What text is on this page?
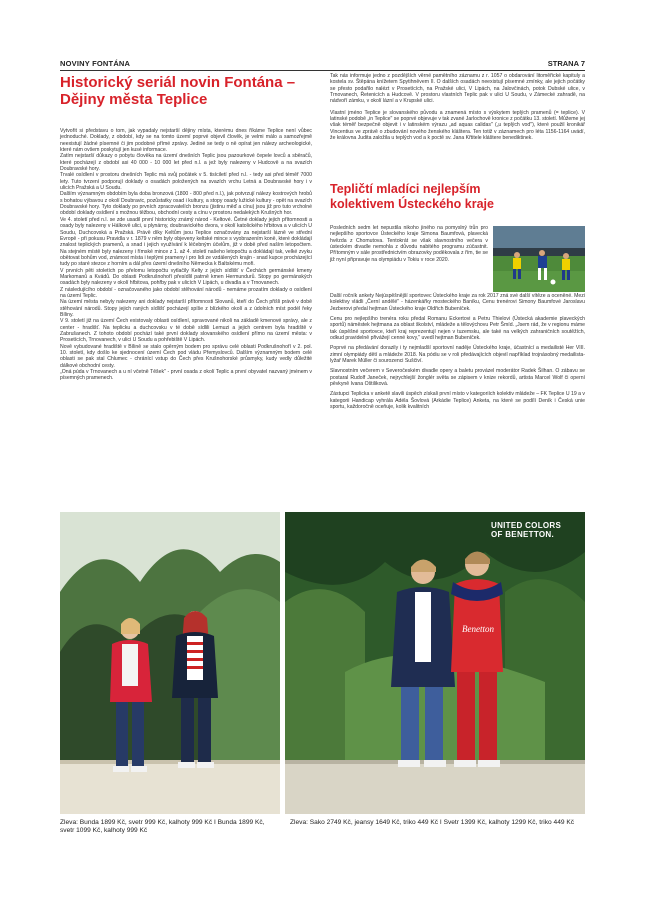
NOVINY FONTÁNA	STRANA 7
Historický seriál novin Fontána – Dějiny města Teplice

Vytvořit si představu o tom, jak vypadaly nejstarší dějiny místa, kterému dnes říkáme Teplice není vůbec jednoduché. Doklady, z období, kdy se na tomto území poprvé objevil člověk, je velmi málo a samozřejmě neexistují žádné písemné či jim podobné přímé zprávy. Jediné se tedy o ně opírat jen nálezy archeologické, které nám ovšem poskytují jen kusé informace.

Zatím nejstarší důkazy o pobytu člověka na území dnešních Teplic jsou pazourkové čepele lovců a sběračů, které pocházejí z období asi 40 000 - 10 000 let před n.l. a jež byly nalezeny v Hudcově a na svazích Doubravské hory.

Trvalé osídlení v prostoru dnešních Teplic má svůj počátek v 5. tisíciletí před n.l. - tedy asi před téměř 7000 lety. Tuto tvrzení podporují doklady o osadách položených na svazích vrchu Letná a Doubravské hory i v ulicích Pražská a U Soudu.

Dalším významným obdobím byla doba bronzová (1800 - 800 před n.l.), jak potvrzují nálezy kostrových hrobů s bohatou výbavou z okolí Doubravic, pozůstatky osad i kultury, a stopy osady lužické kultury - opět na svazích Doubravské hory. Tyto doklady po prvních zpracovatelích bronzu (jistinu měď a cínu) jsou již pro tuto vrcholné období doklady osídlení s možnou těžbou, obchodní cesty a cínu v prostoru nedalekých Krušných hor.

Ve 4. století před n.l. se zde usadil první historicky známý národ - Keltové. Četné doklady jejich přítomnosti a osady byly nalezeny v Hálkově ulici, u plynárny, doubravického dvora, v okolí katolického hřbitova a v ulicích U Soudu, Duchcovská a Pražská. Právě díky Keltům jsou Teplice označovány za nejstarší lázně ve střední Evropě - při pokusu Pravidla v r. 1879 v něm byly objeveny keltské mince s vyobrazením koně, které dokládají znalost teplických pramenů, a snad i jejich využívání k léčebným účelům, již v době před naším letopočtem. Na stejném místě byly nalezeny i římské mince z 1. až 4. století našeho letopočtu a dokládají tak, velké zvyku obětovat bohům vod, známost místa i teplými prameny i pro lidi ze vzdálených krajin - snad kupce procházející tudy po staré stezce z horním a dál přes území dnešního Německa k Baltskému moři.

V prvních pěti stoletích po přelomu letopočtu vytlačily Kelty z jejich sídlišť v Čechách germánské kmeny Markomanů a Kvádů. Do oblasti Podkrušnohoří přesídlil patrně kmen Hermundurů. Stopy po germánských osadách byly nalezeny v okolí hřbitova, pohřby pak v ulicích V Lipách, u divadla a v Trnovanech.

Z následujícího období - označovaného jako období stěhování národů - nemáme prozatím doklady o osídlení na území Teplic.

Na území města nebyly nalezeny ani doklady nejstarší přítomnosti Slovanů, kteří do Čech přišli právě v době stěhování národů. Stopy jejich raných sídlišť pocházejí spíše z blízkého okolí a z údolních míst podél řeky Bíliny.

V 9. století již na území Čech existovaly oblasti osídlení, spravované nikoli na základě kmenové správy, ale z center - hradišť. Na teplicku a duchcovsku v té době sídlili Lemuzi a jejich centrem byla hradiště v Zabrušanech. Z tohoto období pochází také první doklady slovanského osídlení přímo na území města: v Prosetících, Trnovanech, v ulici U Soudu a pohřebiště V Lipách.

Nově vybudované hradiště v Bílině se stalo opěrným bodem pro správu celé oblasti Podkrušnohoří v 2. pol. 10. století, kdy došlo ke sjednocení území Čech pod vládu Přemyslovců. Dalším významným bodem celé oblasti se pak stal Chlumec - chránící vstup do Čech přes Krušnohorské průsmyky, kudy vedly důležité dálkové obchodní cesty.

„Oná púda v Trnovanech a u ní včetně Těšek" - první osada z okolí Teplic a první obyvatel nazvaný jménem v písemných pramenech.

Tak nás informuje jedno z pozdějších věrné pamětního záznamu z r. 1057 o obdarování litoměřické kapituly a kostela sv. Štěpána knížetem Spytihněvem II. O dalších osadách neexistují písemné zmínky, ale jejich počátky se přesto podařilo nalézt v Prosetících, na Pražské ulici, V Lipách, na Jalovčinách, potok Dubské ulice, v Trnovanech, Řetenicích a Hudcově. V prostoru vlastních Teplic pak v ulici U Soudu, v Zámecké zahradě, na nádvoří zámku, v okolí lázní a v Krupské ulici.

Vlastní jméno Teplice je slovanského původu a znamená místo s výskytem teplých pramenů (= teplice). V latinské podobě „in Teplice" se poprvé objevuje v tak zvané Jarlochově kronice z počátku 13. století. Můžeme jej však téměř bezpečně objevit i v latinském výrazu „ad aquas calidas" („u teplých vod"), které použil kronikář Vincentius ve zprávě o zbudování nového ženského kláštera. Ten totiž v záznamech pro léta 1156-1164 uvádí, že královna Judita založila u teplých vod a k poctě sv. Jana Křtitele kláštere benediktinek.

Tepličtí mladíci nejlepším kolektivem Ústeckého kraje
Posledních sedm let nepustila nikoho jiného na pomyslný trůn pro nejlepšího sportovce Ústeckého kraje Simona Baumfová, plavecká hvězda z Chomutova. Tentokrát se však slavnostního večera v ústeckém divadle nemohla z důvodu nabitého programu zúčastnit. Přítomným v sále prostřednictvím obrazovky poděkovala z řím, tie se již nyní připravuje na olympiádu v Tokiu v roce 2020.

Další ročník ankety Nejúspěšnější sportovec Ústeckého kraje za rok 2017 zná své další vítěze a oceněné. Mezi kolektivy vládli „Černí andělé" - házenkářky mosteckého Baníku, Cenu trenérovi Simony Baumfové Jaroslavu Jezberovi předal hejtman Ústeckého kraje Oldřich Bubeníček.

Cenu pro nejlepšího trenéra roku předal Romanu Eckertovi a Petru Thielovi (Ústecká akademie plaveckých sportů) náměstek hejtmana za oblast školství, mládeže a tělovýchovu Petr Šmíd. „Jsem rád, že v regionu máme tak úspěšné sportovce, kteří kraj reprezentují nejen v tuzemsku, ale také na velkých zahraničních soutěžích, odkud pravidelně přivážejí cenné kovy," uvedl hejtman Bubeníček.

Poprvé na předávání dorazily i ty nejmladší sportovní naděje Ústeckého kraje, účastnící a medailisté Her VIII. zimní olympiády dětí a mládeže 2018. Na pódiu se v roli předávajících objevil například trojnásobný medailista-lyžař Marek Müller či sourozenci Suščiví.

Slavnostním večerem v Severočeském divadle opery a baletu provázel moderátor Radek Šilhan. O zábavu se postaral Rudolf Janeček, nejrychlejší žonglér světa se zápisem v knize rekordů, artista Marcel Wolf či operní pěvkyně Ivana Oštiliková.

Zástupci Teplicka v anketě slavili úspěch získali první místo v kategoriích kolektiv mládeže – FK Teplice U 19 a v kategorii Handicap vyhrála Adéla Šovlová (Arkádie Teplice) Anketa, na které se podílí Deník i Česká unie sportu, každoročně oceňuje, kolik kvalitních

Benetton
UNITED COLORS
OF BENETTON.
Zleva: Bunda 1899 Kč, svetr 999 Kč, kalhoty 999 Kč I Bunda 1899 Kč, svetr 1099 Kč, kalhoty 999 Kč
Zleva: Sako 2749 Kč, jeansy 1649 Kč, triko 449 Kč I Svetr 1399 Kč, kalhoty 1299 Kč, triko 449 Kč
